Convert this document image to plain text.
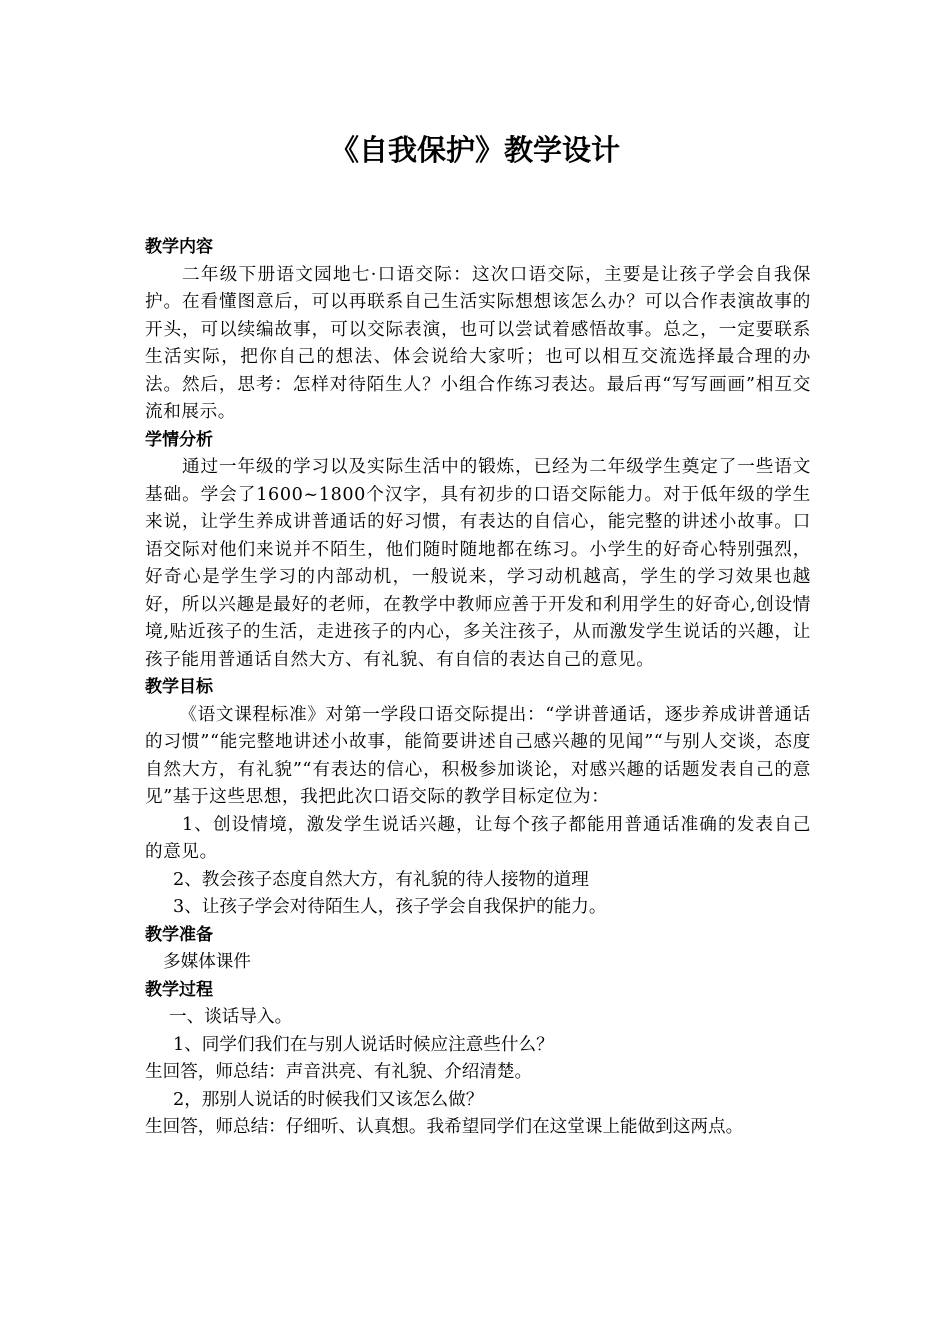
《自我保护》教学设计
教学内容
二年级下册语文园地七·口语交际：这次口语交际，主要是让孩子学会自我保护。在看懂图意后，可以再联系自己生活实际想想该怎么办？可以合作表演故事的开头，可以续编故事，可以交际表演，也可以尝试着感悟故事。总之，一定要联系生活实际，把你自己的想法、体会说给大家听；也可以相互交流选择最合理的办法。然后，思考：怎样对待陌生人？小组合作练习表达。最后再“写写画画”相互交流和展示。
学情分析
通过一年级的学习以及实际生活中的锻炼，已经为二年级学生奠定了一些语文基础。学会了1600~1800个汉字，具有初步的口语交际能力。对于低年级的学生来说，让学生养成讲普通话的好习惯，有表达的自信心，能完整的讲述小故事。口语交际对他们来说并不陌生，他们随时随地都在练习。小学生的好奇心特别强烈，好奇心是学生学习的内部动机，一般说来，学习动机越高，学生的学习效果也越好，所以兴趣是最好的老师，在教学中教师应善于开发和利用学生的好奇心,创设情境,贴近孩子的生活，走进孩子的内心，多关注孩子，从而激发学生说话的兴趣，让孩子能用普通话自然大方、有礼貌、有自信的表达自己的意见。
教学目标
《语文课程标准》对第一学段口语交际提出：“学讲普通话，逐步养成讲普通话的习惯”“能完整地讲述小故事，能简要讲述自己感兴趣的见闻”“与别人交谈，态度自然大方，有礼貌”“有表达的信心，积极参加谈论，对感兴趣的话题发表自己的意见”基于这些思想，我把此次口语交际的教学目标定位为：
1、创设情境，激发学生说话兴趣，让每个孩子都能用普通话准确的发表自己的意见。
2、教会孩子态度自然大方，有礼貌的待人接物的道理
3、让孩子学会对待陌生人，孩子学会自我保护的能力。
教学准备
多媒体课件
教学过程
一、谈话导入。
1、同学们我们在与别人说话时候应注意些什么？
生回答，师总结：声音洪亮、有礼貌、介绍清楚。
2，那别人说话的时候我们又该怎么做？
生回答，师总结：仔细听、认真想。我希望同学们在这堂课上能做到这两点。
